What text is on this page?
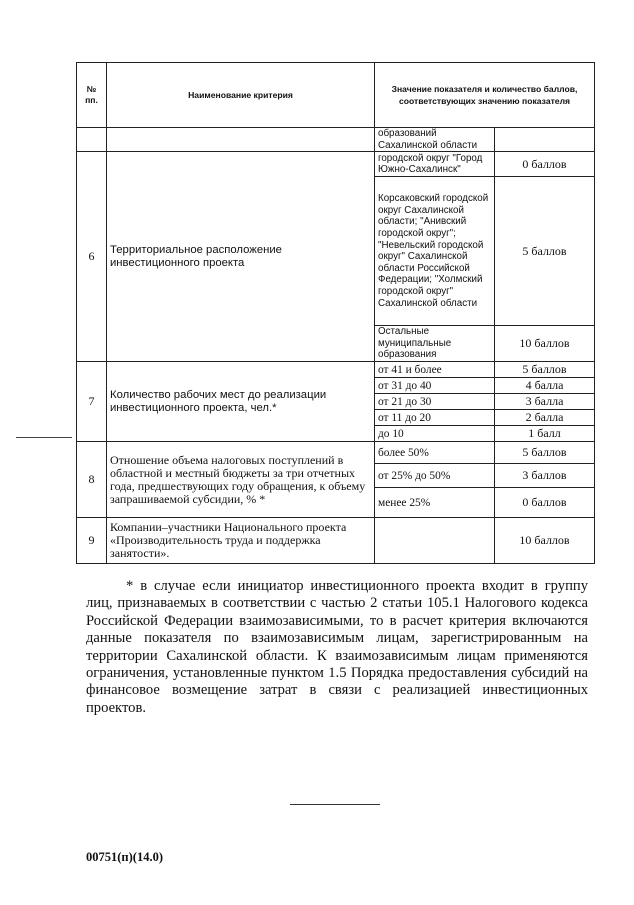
№ пп.	Наименование критерия	Значение показателя и количество баллов, соответствующих значению показателя	
		образований Сахалинской области	
6	Территориальное расположение инвестиционного проекта	городской округ "Город Южно-Сахалинск"	0 баллов
		Корсаковский городской округ Сахалинской области; "Анивский городской округ"; "Невельский городской округ" Сахалинской области Российской Федерации; "Холмский городской округ" Сахалинской области	5 баллов
		Остальные муниципальные образования	10 баллов
7	Количество рабочих мест до реализации инвестиционного проекта, чел.*	от 41 и более	5 баллов
		от 31 до 40	4 балла
		от 21 до 30	3 балла
		от 11 до 20	2 балла
		до 10	1 балл
8	Отношение объема налоговых поступлений в областной и местный бюджеты за три отчетных года, предшествующих году обращения, к объему запрашиваемой субсидии, % *	более 50%	5 баллов
		от 25% до 50%	3 баллов
		менее 25%	0 баллов
9	Компании–участники Национального проекта «Производительность труда и поддержка занятости».		10 баллов

* в случае если инициатор инвестиционного проекта входит в группу лиц, признаваемых в соответствии с частью 2 статьи 105.1 Налогового кодекса Российской Федерации взаимозависимыми, то в расчет критерия включаются данные показателя по взаимозависимым лицам, зарегистрированным на территории Сахалинской области. К взаимозависимым лицам применяются ограничения, установленные пунктом 1.5 Порядка предоставления субсидий на финансовое возмещение затрат в связи с реализацией инвестиционных проектов.

00751(п)(14.0)
